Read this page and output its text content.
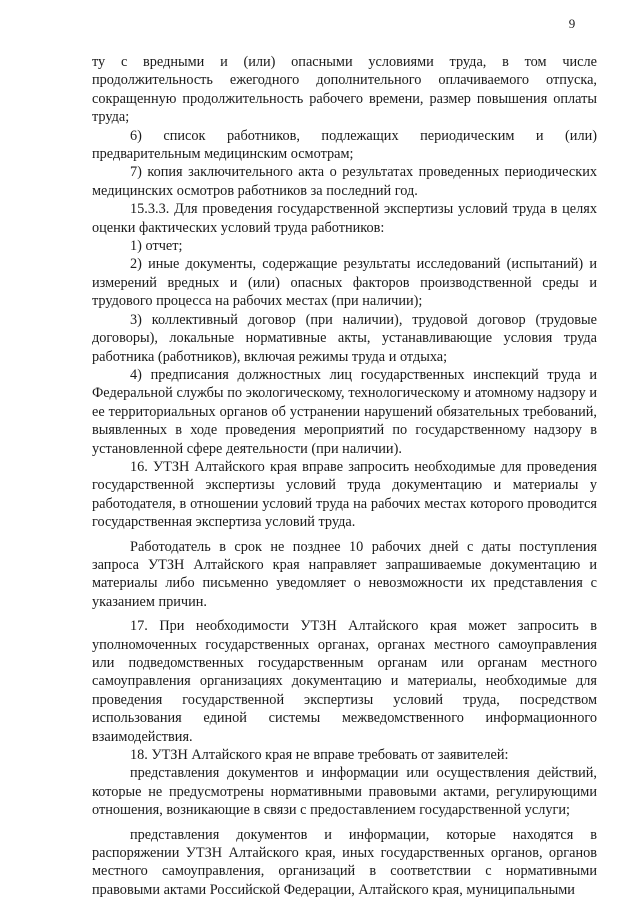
9

ту с вредными и (или) опасными условиями труда, в том числе продолжительность ежегодного дополнительного оплачиваемого отпуска, сокращенную продолжительность рабочего времени, размер повышения оплаты труда;

6) список работников, подлежащих периодическим и (или) предварительным медицинским осмотрам;

7) копия заключительного акта о результатах проведенных периодических медицинских осмотров работников за последний год.

15.3.3. Для проведения государственной экспертизы условий труда в целях оценки фактических условий труда работников:

1) отчет;

2) иные документы, содержащие результаты исследований (испытаний) и измерений вредных и (или) опасных факторов производственной среды и трудового процесса на рабочих местах (при наличии);

3) коллективный договор (при наличии), трудовой договор (трудовые договоры), локальные нормативные акты, устанавливающие условия труда работника (работников), включая режимы труда и отдыха;

4) предписания должностных лиц государственных инспекций труда и Федеральной службы по экологическому, технологическому и атомному надзору и ее территориальных органов об устранении нарушений обязательных требований, выявленных в ходе проведения мероприятий по государственному надзору в установленной сфере деятельности (при наличии).

16. УТЗН Алтайского края вправе запросить необходимые для проведения государственной экспертизы условий труда документацию и материалы у работодателя, в отношении условий труда на рабочих местах которого проводится государственная экспертиза условий труда.

Работодатель в срок не позднее 10 рабочих дней с даты поступления запроса УТЗН Алтайского края направляет запрашиваемые документацию и материалы либо письменно уведомляет о невозможности их представления с указанием причин.

17. При необходимости УТЗН Алтайского края может запросить в уполномоченных государственных органах, органах местного самоуправления или подведомственных государственным органам или органам местного самоуправления организациях документацию и материалы, необходимые для проведения государственной экспертизы условий труда, посредством использования единой системы межведомственного информационного взаимодействия.

18. УТЗН Алтайского края не вправе требовать от заявителей:

представления документов и информации или осуществления действий, которые не предусмотрены нормативными правовыми актами, регулирующими отношения, возникающие в связи с предоставлением государственной услуги;

представления документов и информации, которые находятся в распоряжении УТЗН Алтайского края, иных государственных органов, органов местного самоуправления, организаций в соответствии с нормативными правовыми актами Российской Федерации, Алтайского края, муниципальными
